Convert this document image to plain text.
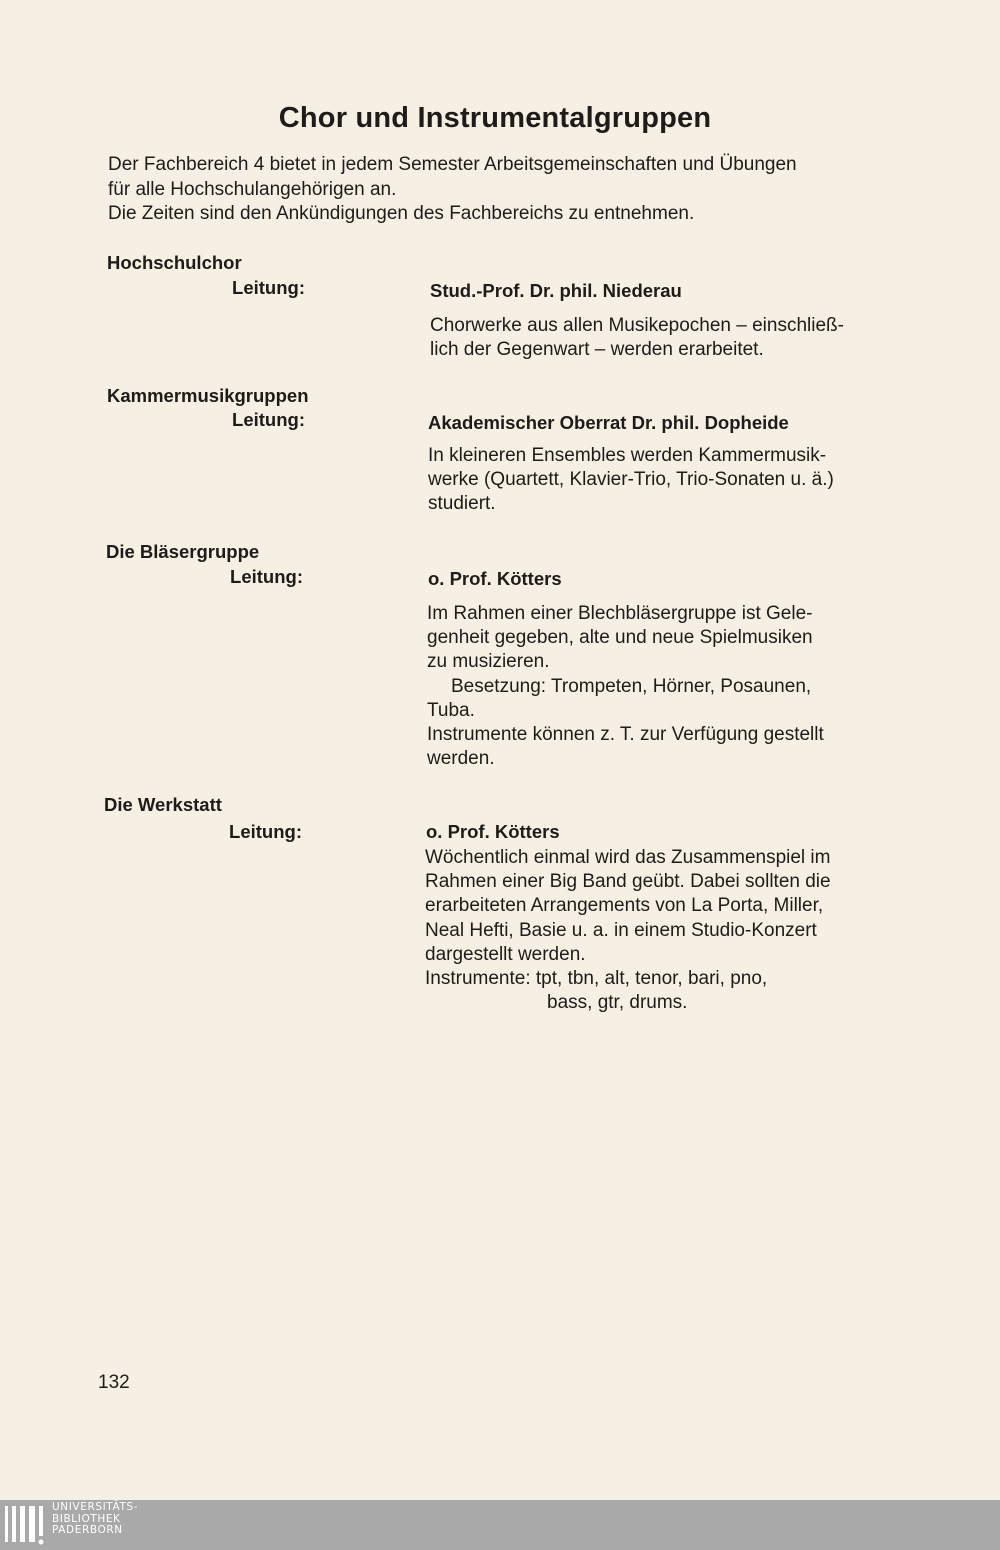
Chor und Instrumentalgruppen

Der Fachbereich 4 bietet in jedem Semester Arbeitsgemeinschaften und Übungen

für alle Hochschulangehörigen an.

Die Zeiten sind den Ankündigungen des Fachbereichs zu entnehmen.

Hochschulchor
Leitung:	Stud.-Prof. Dr. phil. Niederau

Chorwerke aus allen Musikepochen – einschließ-

lich der Gegenwart – werden erarbeitet.

Kammermusikgruppen
Leitung:	Akademischer Oberrat Dr. phil. Dopheide

In kleineren Ensembles werden Kammermusik-

werke (Quartett, Klavier-Trio, Trio-Sonaten u. ä.)

studiert.

Die Bläsergruppe
Leitung:	o. Prof. Kötters

Im Rahmen einer Blechbläsergruppe ist Gele-

genheit gegeben, alte und neue Spielmusiken

zu musizieren.

Besetzung: Trompeten, Hörner, Posaunen,

Tuba.

Instrumente können z. T. zur Verfügung gestellt

werden.

Die Werkstatt
Leitung:	o. Prof. Kötters

Wöchentlich einmal wird das Zusammenspiel im

Rahmen einer Big Band geübt. Dabei sollten die

erarbeiteten Arrangements von La Porta, Miller,

Neal Hefti, Basie u. a. in einem Studio-Konzert

dargestellt werden.

Instrumente: tpt, tbn, alt, tenor, bari, pno,

bass, gtr, drums.

132
UNIVERSITÄTS-
BIBLIOTHEK
PADERBORN
